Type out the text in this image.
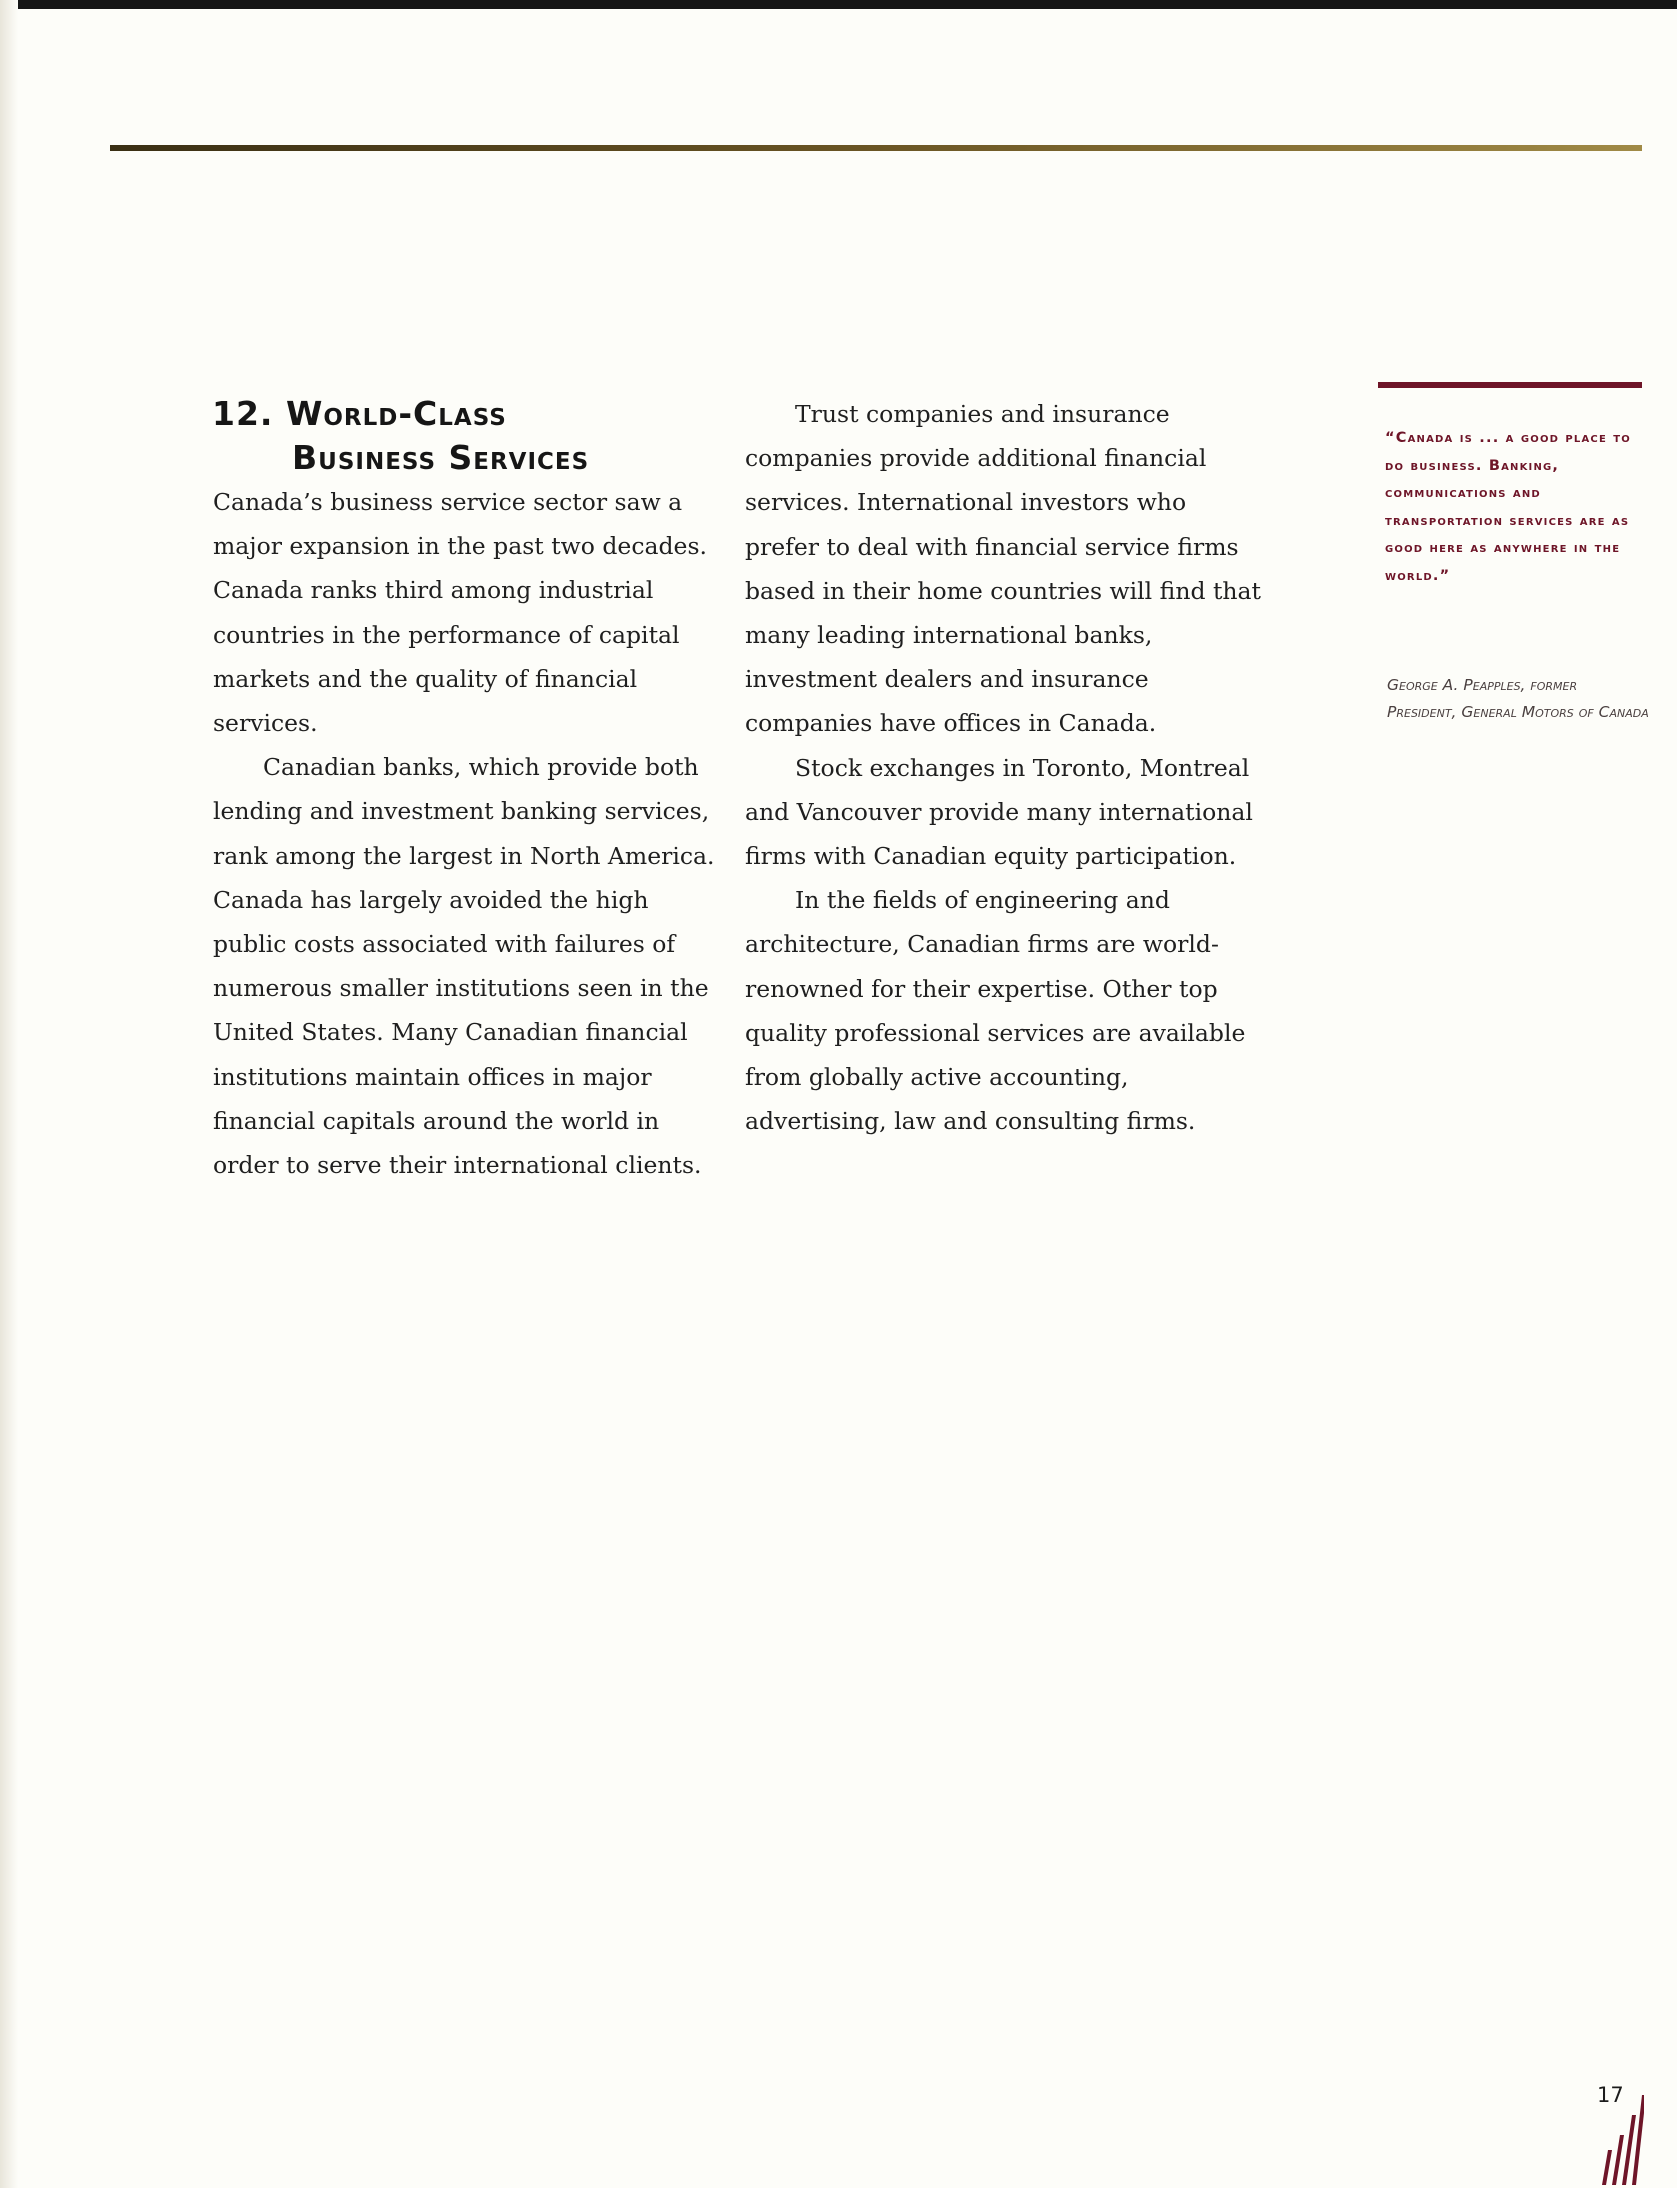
12. World-Class
Business Services

Canada’s business service sector saw a major expansion in the past two decades. Canada ranks third among industrial countries in the performance of capital markets and the quality of financial services.

Canadian banks, which provide both lending and investment banking services, rank among the largest in North America. Canada has largely avoided the high public costs associated with failures of numerous smaller institutions seen in the United States. Many Canadian financial institutions maintain offices in major financial capitals around the world in order to serve their international clients.

Trust companies and insurance companies provide additional financial services. International investors who prefer to deal with financial service firms based in their home countries will find that many leading international banks, investment dealers and insurance companies have offices in Canada.

Stock exchanges in Toronto, Montreal and Vancouver provide many international firms with Canadian equity participation.

In the fields of engineering and architecture, Canadian firms are world-renowned for their expertise. Other top quality professional services are available from globally active accounting, advertising, law and consulting firms.

“Canada is ... a good place to do business. Banking, communications and transportation services are as good here as anywhere in the world.”

George A. Peapples, former President, General Motors of Canada
17
